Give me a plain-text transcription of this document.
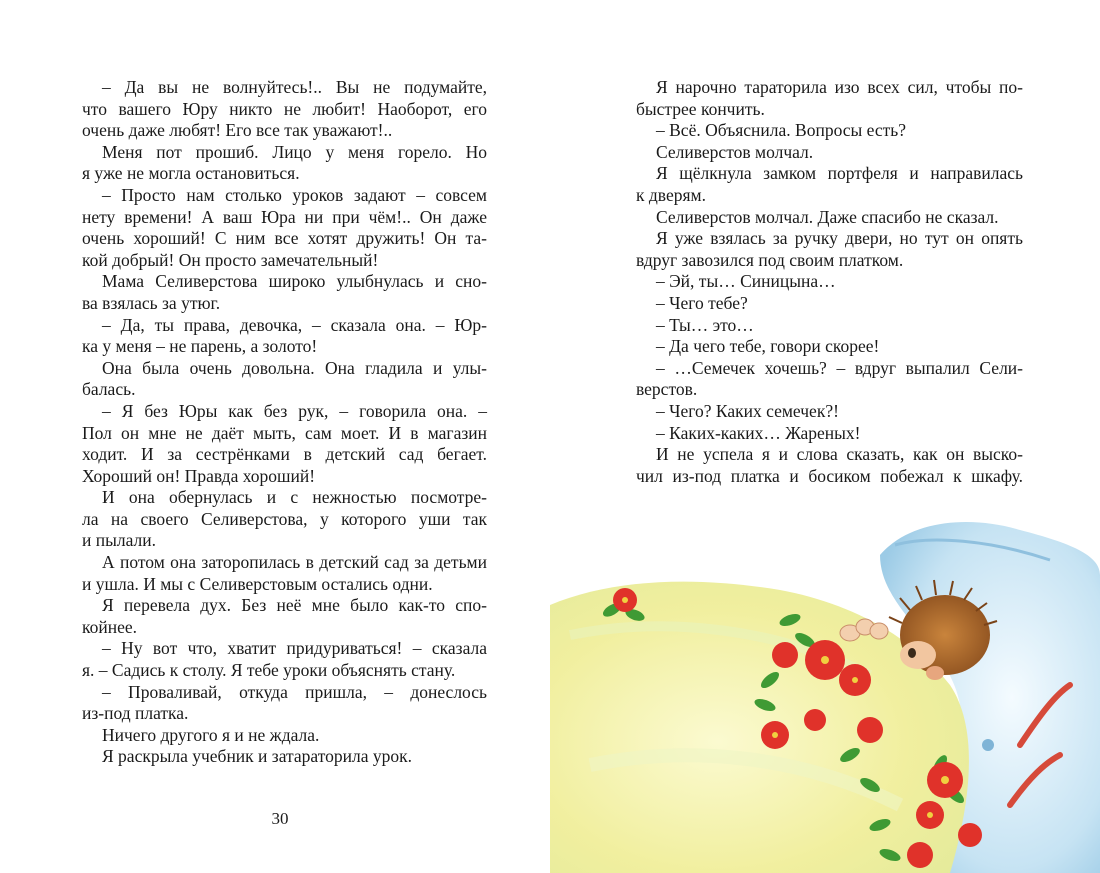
– Да вы не волнуйтесь!.. Вы не подумайте,
что вашего Юру никто не любит! Наоборот, его
очень даже любят! Его все так уважают!..
Меня пот прошиб. Лицо у меня горело. Но
я уже не могла остановиться.
– Просто нам столько уроков задают – совсем
нету времени! А ваш Юра ни при чём!.. Он даже
очень хороший! С ним все хотят дружить! Он та-
кой добрый! Он просто замечательный!
Мама Селиверстова широко улыбнулась и сно-
ва взялась за утюг.
– Да, ты права, девочка, – сказала она. – Юр-
ка у меня – не парень, а золото!
Она была очень довольна. Она гладила и улы-
балась.
– Я без Юры как без рук, – говорила она. –
Пол он мне не даёт мыть, сам моет. И в магазин
ходит. И за сестрёнками в детский сад бегает.
Хороший он! Правда хороший!
И она обернулась и с нежностью посмотре-
ла на своего Селиверстова, у которого уши так
и пылали.
А потом она заторопилась в детский сад за детьми
и ушла. И мы с Селиверстовым остались одни.
Я перевела дух. Без неё мне было как-то спо-
койнее.
– Ну вот что, хватит придуриваться! – сказала
я. – Садись к столу. Я тебе уроки объяснять стану.
– Проваливай, откуда пришла, – донеслось
из-под платка.
Ничего другого я и не ждала.
Я раскрыла учебник и затараторила урок.
30
Я нарочно тараторила изо всех сил, чтобы по-
быстрее кончить.
– Всё. Объяснила. Вопросы есть?
Селиверстов молчал.
Я щёлкнула замком портфеля и направилась
к дверям.
Селиверстов молчал. Даже спасибо не сказал.
Я уже взялась за ручку двери, но тут он опять
вдруг завозился под своим платком.
– Эй, ты… Синицына…
– Чего тебе?
– Ты… это…
– Да чего тебе, говори скорее!
– …Семечек хочешь? – вдруг выпалил Сели-
верстов.
– Чего? Каких семечек?!
– Каких-каких… Жареных!
И не успела я и слова сказать, как он выско-
чил из-под платка и босиком побежал к шкафу.
